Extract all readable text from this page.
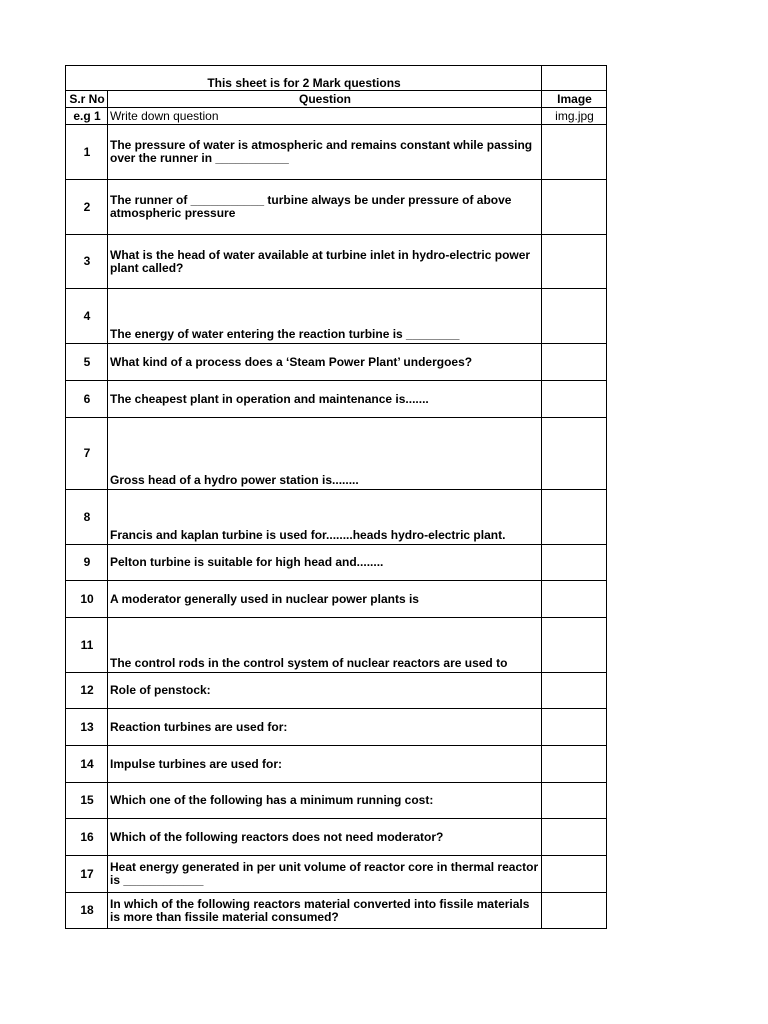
This sheet is for 2 Mark questions		
S.r No	Question	Image
e.g 1	Write down question	img.jpg
1	The pressure of water is atmospheric and remains constant while passing over the runner in ___________	
2	The runner of ___________ turbine always be under pressure of above atmospheric pressure	
3	What is the head of water available at turbine inlet in hydro-electric power plant called?	
4	The energy of water entering the reaction turbine is ________	
5	What kind of a process does a ‘Steam Power Plant’ undergoes?	
6	The cheapest plant in operation and maintenance is.......	
7	Gross head of a hydro power station is........	
8	Francis and kaplan turbine is used for........heads hydro-electric plant.	
9	Pelton turbine is suitable for high head and........	
10	A moderator generally used in nuclear power plants is	
11	The control rods in the control system of nuclear reactors are used to	
12	Role of penstock:	
13	Reaction turbines are used for:	
14	Impulse turbines are used for:	
15	Which one of the following has a minimum running cost:	
16	Which of the following reactors does not need moderator?	
17	Heat energy generated in per unit volume of reactor core in thermal reactor is ____________	
18	In which of the following reactors material converted into fissile materials is more than fissile material consumed?	
